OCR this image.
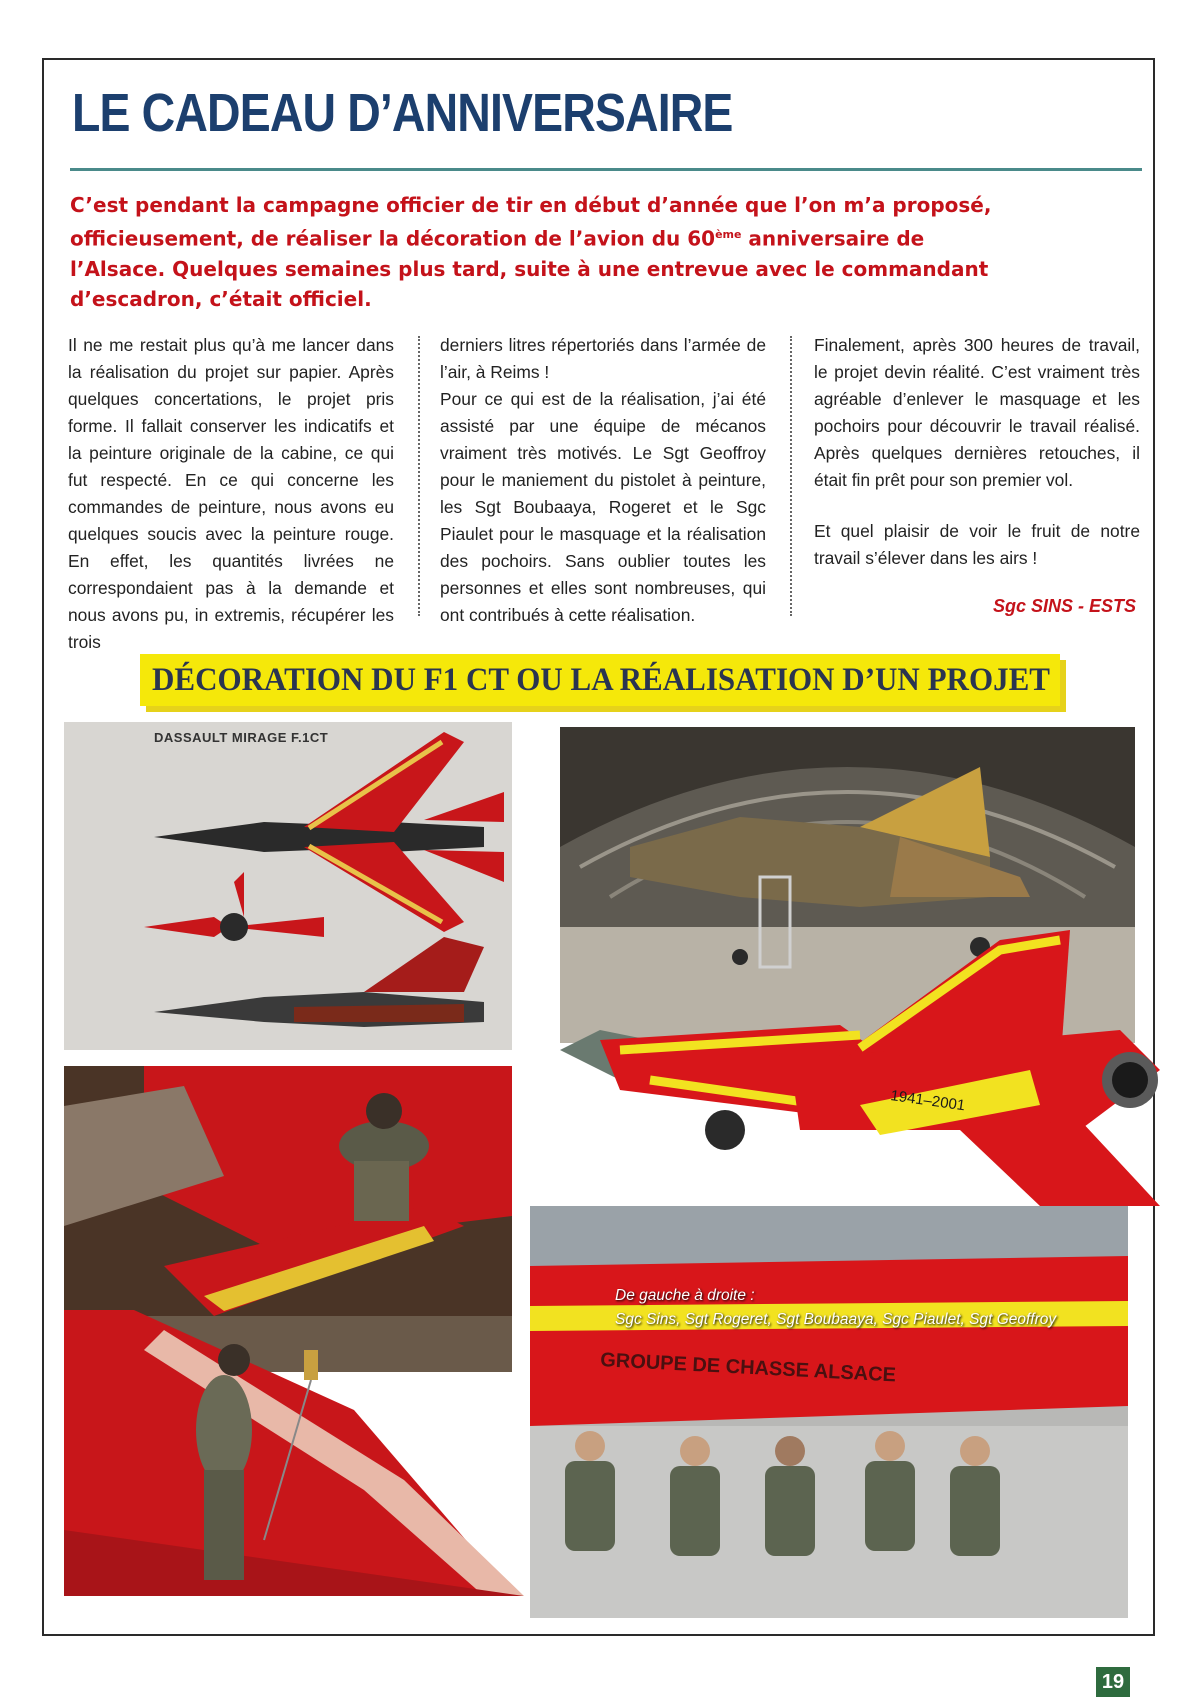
LE CADEAU D’ANNIVERSAIRE
C’est pendant la campagne officier de tir en début d’année que l’on m’a proposé,
officieusement, de réaliser la décoration de l’avion du 60ème anniversaire de
l’Alsace. Quelques semaines plus tard, suite à une entrevue avec le commandant
d’escadron, c’était officiel.

Il ne me restait plus qu’à me lancer dans la réalisation du projet sur papier. Après quelques concertations, le projet pris forme. Il fallait conserver les indicatifs et la peinture originale de la cabine, ce qui fut respecté. En ce qui concerne les commandes de peinture, nous avons eu quelques soucis avec la peinture rouge. En effet, les quantités livrées ne correspondaient pas à la demande et nous avons pu, in extremis, récupérer les trois

derniers litres répertoriés dans l’armée de l’air, à Reims !

Pour ce qui est de la réalisation, j’ai été assisté par une équipe de mécanos vraiment très motivés. Le Sgt Geoffroy pour le maniement du pistolet à peinture, les Sgt Boubaaya, Rogeret et le Sgc Piaulet pour le masquage et la réalisation des pochoirs. Sans oublier toutes les personnes et elles sont nombreuses, qui ont contribués à cette réalisation.

Finalement, après 300 heures de travail, le projet devin réalité. C’est vraiment très agréable d’enlever le masquage et les pochoirs pour découvrir le travail réalisé. Après quelques dernières retouches, il était fin prêt pour son premier vol.

Et quel plaisir de voir le fruit de notre travail s’élever dans les airs !

Sgc SINS - ESTS
DÉCORATION DU F1 CT OU LA RÉALISATION D’UN PROJET
DASSAULT MIRAGE F.1CT
1941–2001
GROUPE DE CHASSE ALSACE
De gauche à droite :
Sgc Sins, Sgt Rogeret, Sgt Boubaaya, Sgc Piaulet, Sgt Geoffroy
19
